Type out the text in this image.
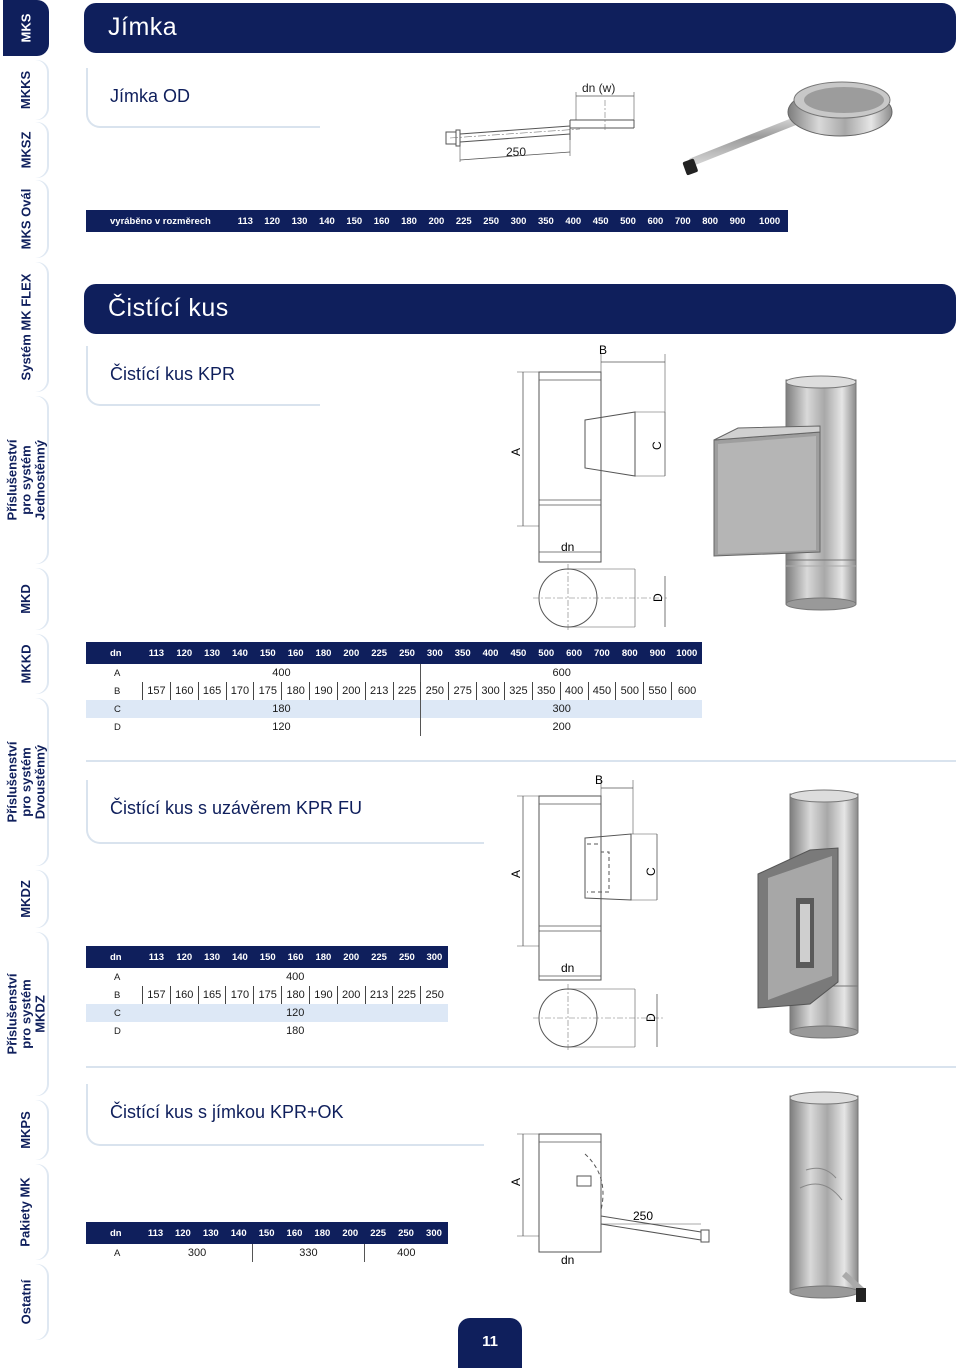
MKS
MKKS
MKSZ
MKS Ovál
Systém MK FLEX
Příslušenství pro systém Jednostěnný
MKD
MKKD
Příslušenství pro systém Dvoustěnný
MKDZ
Příslušenství pro systém MKDZ
MKPS
Pakiety MK
Ostatní
Jímka
Jímka OD	dn (w)
250
vyráběno v rozměrech	113	120	130	140	150	160	180	200	225	250	300	350	400	450	500	600	700	800	900	1000
Čistící kus
Čistící kus KPR
B
A
C
dn
D
dn	113	120	130	140	150	160	180	200	225	250	300	350	400	450	500	600	700	800	900	1000
A	400										600									
B	157	160	165	170	175	180	190	200	213	225	250	275	300	325	350	400	450	500	550	600
C	180										300									
D	120										200									
Čistící kus s uzávěrem KPR FU
B
A	C
dn
D
dn	113	120	130	140	150	160	180	200	225	250	300
A	400										
B	157	160	165	170	175	180	190	200	213	225	250
C	120										
D	180										
Čistící kus s jímkou KPR+OK
250
A
dn
dn	113	120	130	140	150	160	180	200	225	250	300
A	300				330				400		
11
